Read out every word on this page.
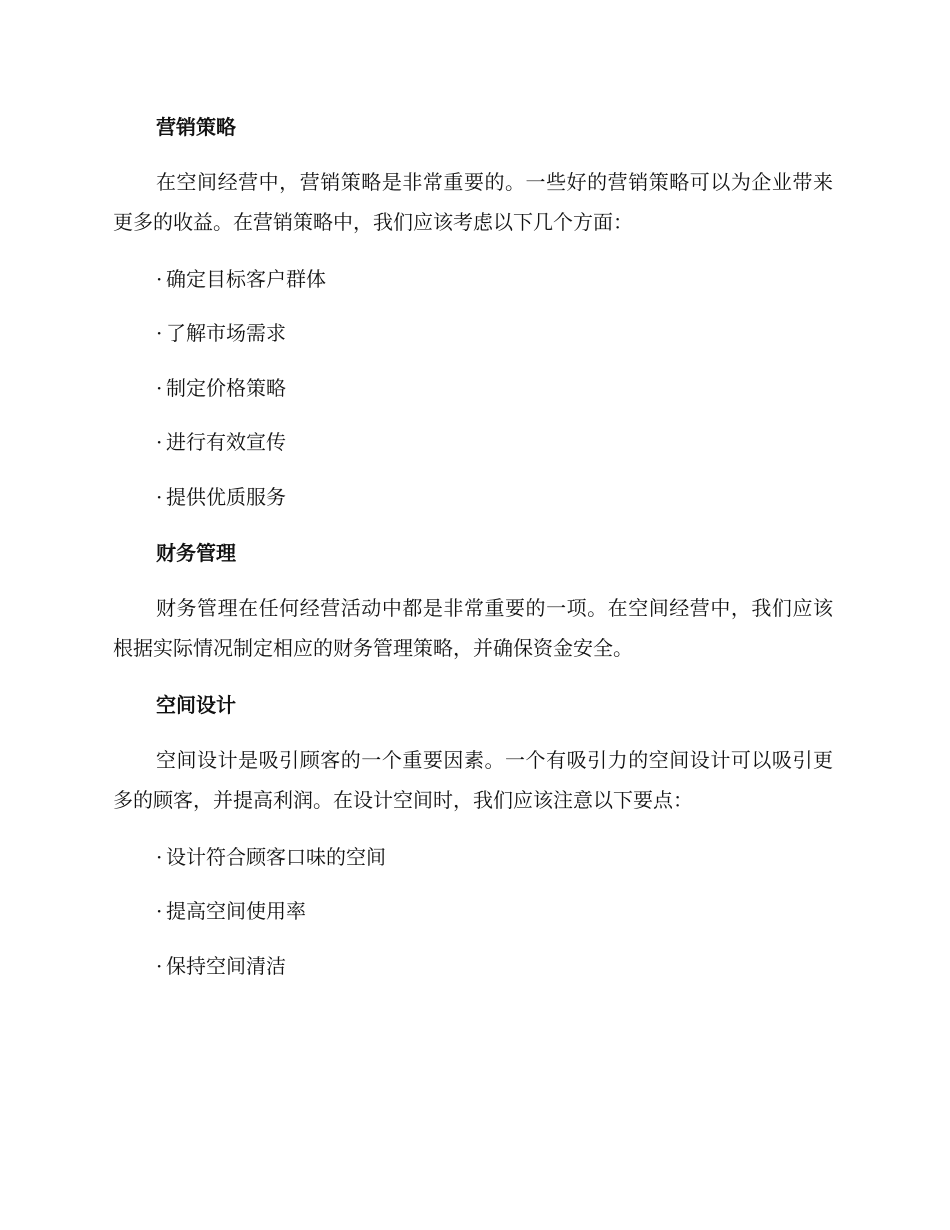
营销策略

在空间经营中，营销策略是非常重要的。一些好的营销策略可以为企业带来更多的收益。在营销策略中，我们应该考虑以下几个方面：

· 确定目标客户群体
· 了解市场需求
· 制定价格策略
· 进行有效宣传
· 提供优质服务
财务管理

财务管理在任何经营活动中都是非常重要的一项。在空间经营中，我们应该根据实际情况制定相应的财务管理策略，并确保资金安全。

空间设计

空间设计是吸引顾客的一个重要因素。一个有吸引力的空间设计可以吸引更多的顾客，并提高利润。在设计空间时，我们应该注意以下要点：

· 设计符合顾客口味的空间
· 提高空间使用率
· 保持空间清洁
